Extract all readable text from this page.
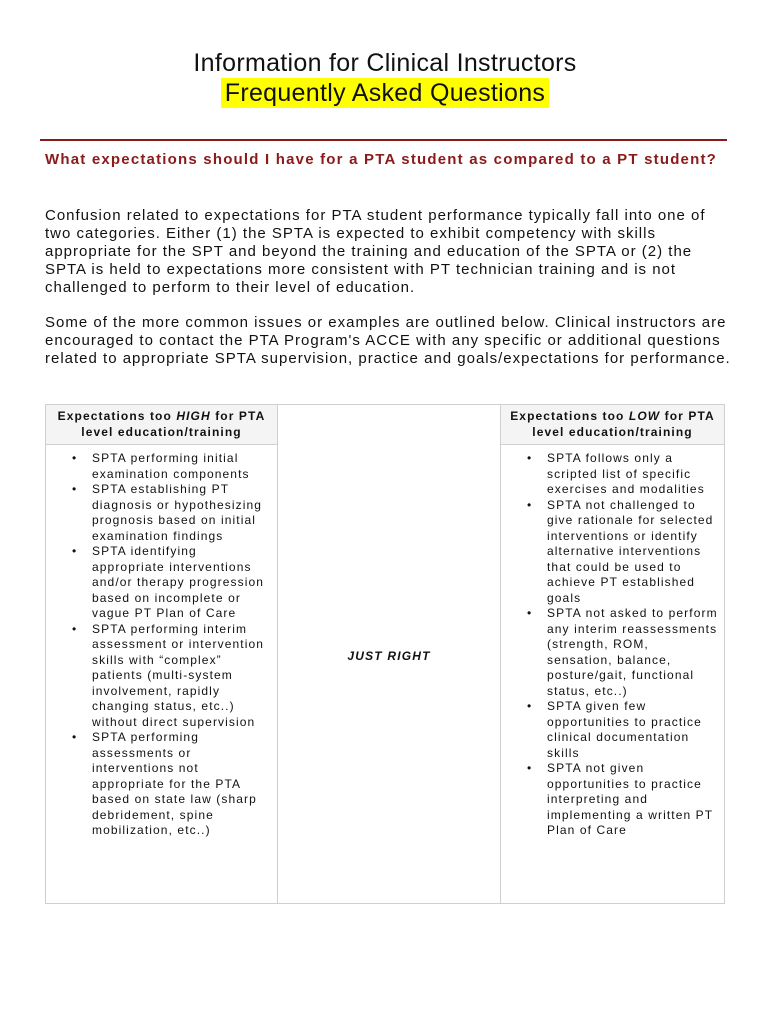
Information for Clinical Instructors
Frequently Asked Questions
What expectations should I have for a PTA student as compared to a PT student?
Confusion related to expectations for PTA student performance typically fall into one of two categories. Either (1) the SPTA is expected to exhibit competency with skills appropriate for the SPT and beyond the training and education of the SPTA or (2) the SPTA is held to expectations more consistent with PT technician training and is not challenged to perform to their level of education.
Some of the more common issues or examples are outlined below. Clinical instructors are encouraged to contact the PTA Program's ACCE with any specific or additional questions related to appropriate SPTA supervision, practice and goals/expectations for performance.
Expectations too HIGH for PTA level education/training
• SPTA performing initial examination components
• SPTA establishing PT diagnosis or hypothesizing prognosis based on initial examination findings
• SPTA identifying appropriate interventions and/or therapy progression based on incomplete or vague PT Plan of Care
• SPTA performing interim assessment or intervention skills with “complex” patients (multi-system involvement, rapidly changing status, etc..) without direct supervision
• SPTA performing assessments or interventions not appropriate for the PTA based on state law (sharp debridement, spine mobilization, etc..)
JUST RIGHT
Expectations too LOW for PTA level education/training
• SPTA follows only a scripted list of specific exercises and modalities
• SPTA not challenged to give rationale for selected interventions or identify alternative interventions that could be used to achieve PT established goals
• SPTA not asked to perform any interim reassessments (strength, ROM, sensation, balance, posture/gait, functional status, etc..)
• SPTA given few opportunities to practice clinical documentation skills
• SPTA not given opportunities to practice interpreting and implementing a written PT Plan of Care
